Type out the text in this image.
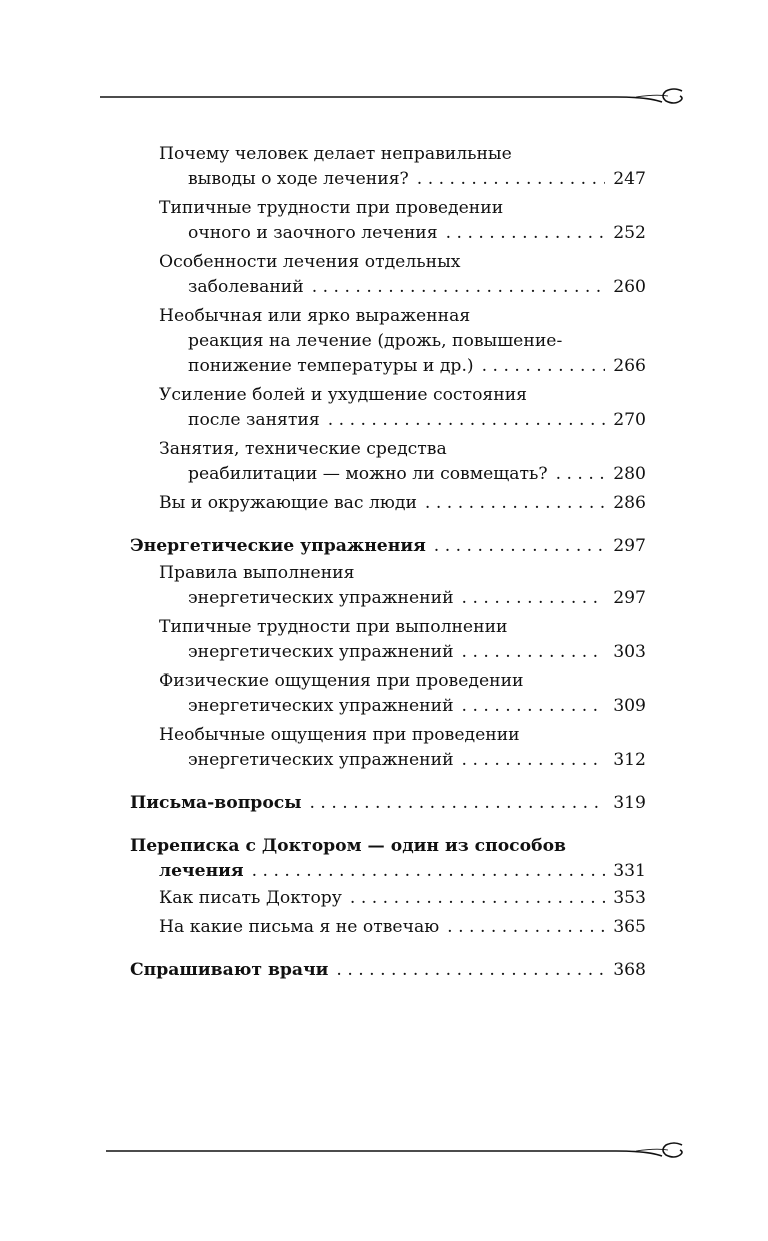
Почему человек делает неправильные
выводы о ходе лечения? . . .	247
Типичные трудности при проведении
очного и заочного лечения . . .	252
Особенности лечения отдельных
заболеваний . . .	260
Необычная или ярко выраженная
реакция на лечение (дрожь, повышение-
понижение температуры и др.) . . .	266
Усиление болей и ухудшение состояния
после занятия . . .	270
Занятия, технические средства
реабилитации — можно ли совмещать? . . .	280
Вы и окружающие вас люди . . .	286
Энергетические упражнения . . .	297
Правила выполнения
энергетических упражнений . . .	297
Типичные трудности при выполнении
энергетических упражнений . . .	303
Физические ощущения при проведении
энергетических упражнений . . .	309
Необычные ощущения при проведении
энергетических упражнений . . .	312
Письма-вопросы . . .	319
Переписка с Доктором — один из способов
лечения . . .	331
Как писать Доктору . . .	353
На какие письма я не отвечаю . . .	365
Спрашивают врачи . . .	368
